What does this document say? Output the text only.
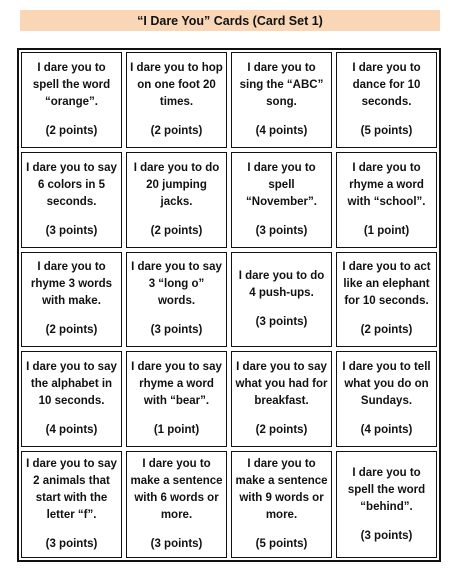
“I Dare You” Cards (Card Set 1)
I dare you to spell the word “orange”.
(2 points)
I dare you to hop on one foot 20 times.
(2 points)
I dare you to sing the “ABC” song.
(4 points)
I dare you to dance for 10 seconds.
(5 points)
I dare you to say 6 colors in 5 seconds.
(3 points)
I dare you to do 20 jumping jacks.
(2 points)
I dare you to spell “November”.
(3 points)
I dare you to rhyme a word with “school”.
(1 point)
I dare you to rhyme 3 words with make.
(2 points)
I dare you to say 3 “long o” words.
(3 points)
I dare you to do 4 push-ups.
(3 points)
I dare you to act like an elephant for 10 seconds.
(2 points)
I dare you to say the alphabet in 10 seconds.
(4 points)
I dare you to say rhyme a word with “bear”.
(1 point)
I dare you to say what you had for breakfast.
(2 points)
I dare you to tell what you do on Sundays.
(4 points)
I dare you to say 2 animals that start with the letter “f”.
(3 points)
I dare you to make a sentence with 6 words or more.
(3 points)
I dare you to make a sentence with 9 words or more.
(5 points)
I dare you to spell the word “behind”.
(3 points)
